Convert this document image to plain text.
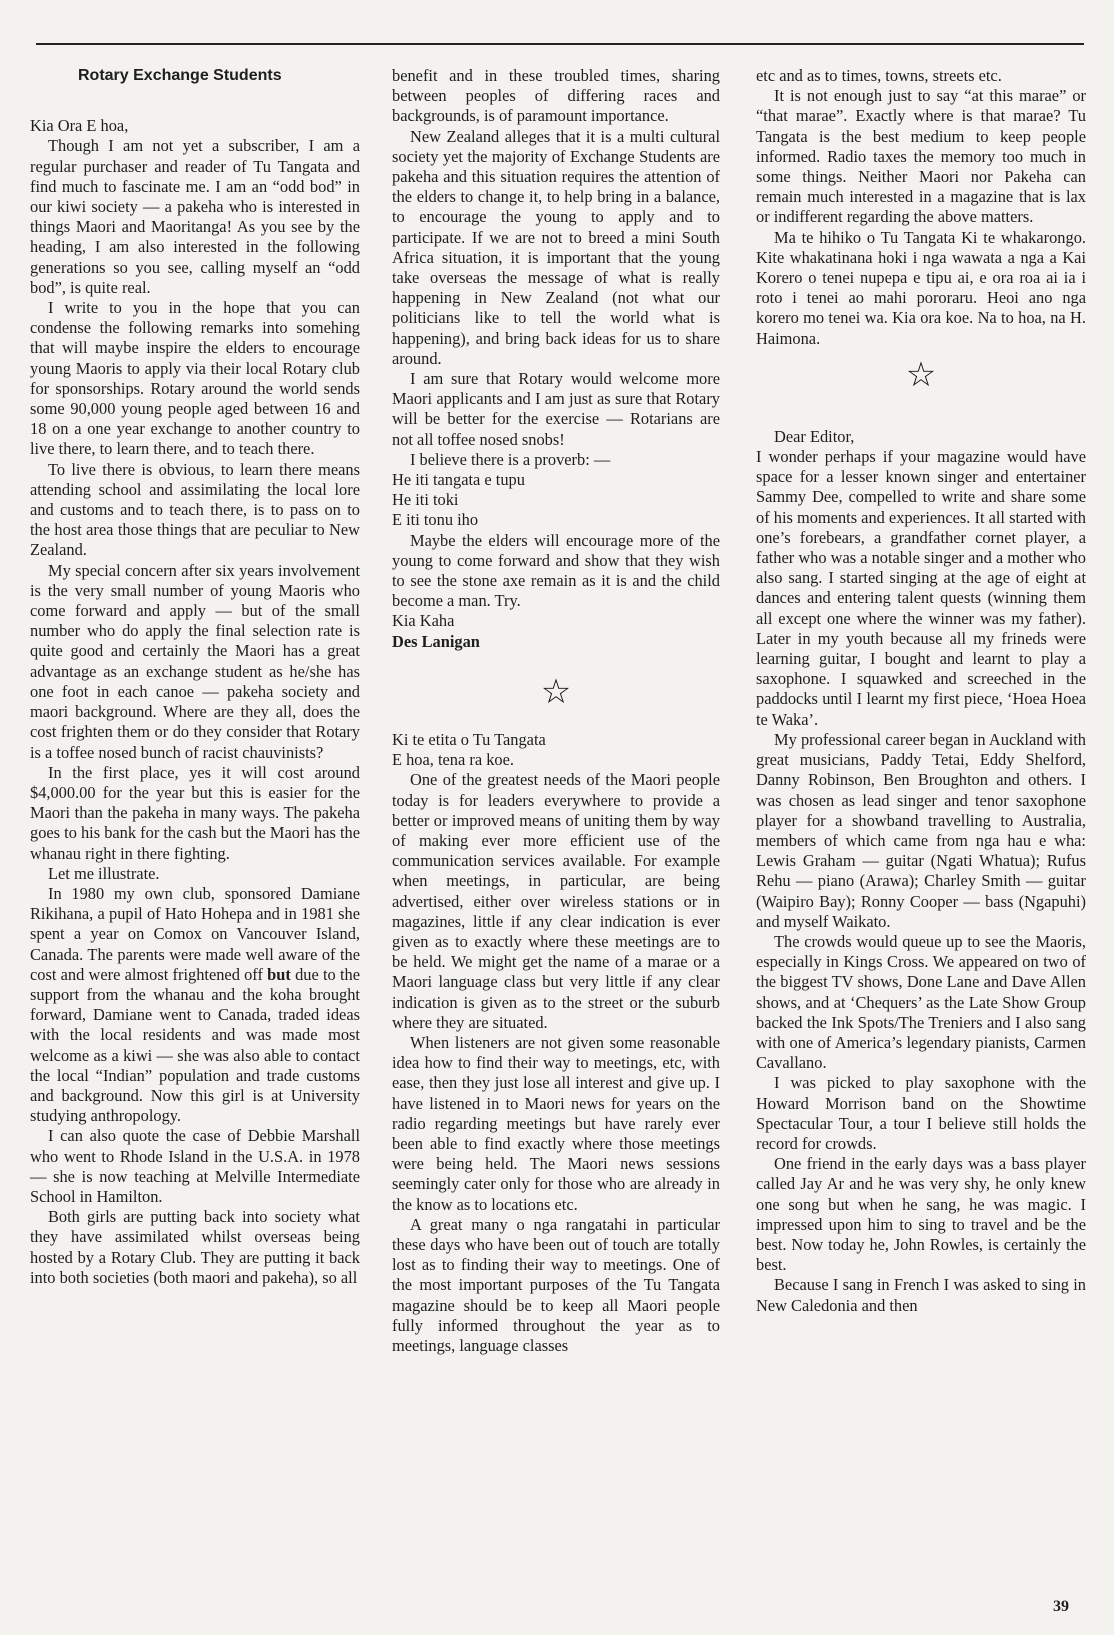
Rotary Exchange Students

Kia Ora E hoa,

Though I am not yet a subscriber, I am a regular purchaser and reader of Tu Tangata and find much to fascinate me. I am an “odd bod” in our kiwi society — a pakeha who is interested in things Maori and Maoritanga! As you see by the heading, I am also interested in the following generations so you see, calling myself an “odd bod”, is quite real.

I write to you in the hope that you can condense the following remarks into somehing that will maybe inspire the elders to encourage young Maoris to apply via their local Rotary club for sponsorships. Rotary around the world sends some 90,000 young people aged between 16 and 18 on a one year exchange to another country to live there, to learn there, and to teach there.

To live there is obvious, to learn there means attending school and assimilating the local lore and customs and to teach there, is to pass on to the host area those things that are peculiar to New Zealand.

My special concern after six years involvement is the very small number of young Maoris who come forward and apply — but of the small number who do apply the final selection rate is quite good and certainly the Maori has a great advantage as an exchange student as he/she has one foot in each canoe — pakeha society and maori background. Where are they all, does the cost frighten them or do they consider that Rotary is a toffee nosed bunch of racist chauvinists?

In the first place, yes it will cost around $4,000.00 for the year but this is easier for the Maori than the pakeha in many ways. The pakeha goes to his bank for the cash but the Maori has the whanau right in there fighting.

Let me illustrate.

In 1980 my own club, sponsored Damiane Rikihana, a pupil of Hato Hohepa and in 1981 she spent a year on Comox on Vancouver Island, Canada. The parents were made well aware of the cost and were almost frightened off but due to the support from the whanau and the koha brought forward, Damiane went to Canada, traded ideas with the local residents and was made most welcome as a kiwi — she was also able to contact the local “Indian” population and trade customs and background. Now this girl is at University studying anthropology.

I can also quote the case of Debbie Marshall who went to Rhode Island in the U.S.A. in 1978 — she is now teaching at Melville Intermediate School in Hamilton.

Both girls are putting back into society what they have assimilated whilst overseas being hosted by a Rotary Club. They are putting it back into both societies (both maori and pakeha), so all

benefit and in these troubled times, sharing between peoples of differing races and backgrounds, is of paramount importance.

New Zealand alleges that it is a multi cultural society yet the majority of Exchange Students are pakeha and this situation requires the attention of the elders to change it, to help bring in a balance, to encourage the young to apply and to participate. If we are not to breed a mini South Africa situation, it is important that the young take overseas the message of what is really happening in New Zealand (not what our politicians like to tell the world what is happening), and bring back ideas for us to share around.

I am sure that Rotary would welcome more Maori applicants and I am just as sure that Rotary will be better for the exercise — Rotarians are not all toffee nosed snobs!

I believe there is a proverb: —

He iti tangata e tupu

He iti toki

E iti tonu iho

Maybe the elders will encourage more of the young to come forward and show that they wish to see the stone axe remain as it is and the child become a man. Try.

Kia Kaha

Des Lanigan

☆

Ki te etita o Tu Tangata

E hoa, tena ra koe.

One of the greatest needs of the Maori people today is for leaders everywhere to provide a better or improved means of uniting them by way of making ever more efficient use of the communication services available. For example when meetings, in particular, are being advertised, either over wireless stations or in magazines, little if any clear indication is ever given as to exactly where these meetings are to be held. We might get the name of a marae or a Maori language class but very little if any clear indication is given as to the street or the suburb where they are situated.

When listeners are not given some reasonable idea how to find their way to meetings, etc, with ease, then they just lose all interest and give up. I have listened in to Maori news for years on the radio regarding meetings but have rarely ever been able to find exactly where those meetings were being held. The Maori news sessions seemingly cater only for those who are already in the know as to locations etc.

A great many o nga rangatahi in particular these days who have been out of touch are totally lost as to finding their way to meetings. One of the most important purposes of the Tu Tangata magazine should be to keep all Maori people fully informed throughout the year as to meetings, language classes

etc and as to times, towns, streets etc.

It is not enough just to say “at this marae” or “that marae”. Exactly where is that marae? Tu Tangata is the best medium to keep people informed. Radio taxes the memory too much in some things. Neither Maori nor Pakeha can remain much interested in a magazine that is lax or indifferent regarding the above matters.

Ma te hihiko o Tu Tangata Ki te whakarongo. Kite whakatinana hoki i nga wawata a nga a Kai Korero o tenei nupepa e tipu ai, e ora roa ai ia i roto i tenei ao mahi pororaru. Heoi ano nga korero mo tenei wa. Kia ora koe. Na to hoa, na H. Haimona.

☆

Dear Editor,

I wonder perhaps if your magazine would have space for a lesser known singer and entertainer Sammy Dee, compelled to write and share some of his moments and experiences. It all started with one’s forebears, a grandfather cornet player, a father who was a notable singer and a mother who also sang. I started singing at the age of eight at dances and entering talent quests (winning them all except one where the winner was my father). Later in my youth because all my frineds were learning guitar, I bought and learnt to play a saxophone. I squawked and screeched in the paddocks until I learnt my first piece, ‘Hoea Hoea te Waka’.

My professional career began in Auckland with great musicians, Paddy Tetai, Eddy Shelford, Danny Robinson, Ben Broughton and others. I was chosen as lead singer and tenor saxophone player for a showband travelling to Australia, members of which came from nga hau e wha: Lewis Graham — guitar (Ngati Whatua); Rufus Rehu — piano (Arawa); Charley Smith — guitar (Waipiro Bay); Ronny Cooper — bass (Ngapuhi) and myself Waikato.

The crowds would queue up to see the Maoris, especially in Kings Cross. We appeared on two of the biggest TV shows, Done Lane and Dave Allen shows, and at ‘Chequers’ as the Late Show Group backed the Ink Spots/The Treniers and I also sang with one of America’s legendary pianists, Carmen Cavallano.

I was picked to play saxophone with the Howard Morrison band on the Showtime Spectacular Tour, a tour I believe still holds the record for crowds.

One friend in the early days was a bass player called Jay Ar and he was very shy, he only knew one song but when he sang, he was magic. I impressed upon him to sing to travel and be the best. Now today he, John Rowles, is certainly the best.

Because I sang in French I was asked to sing in New Caledonia and then

39
